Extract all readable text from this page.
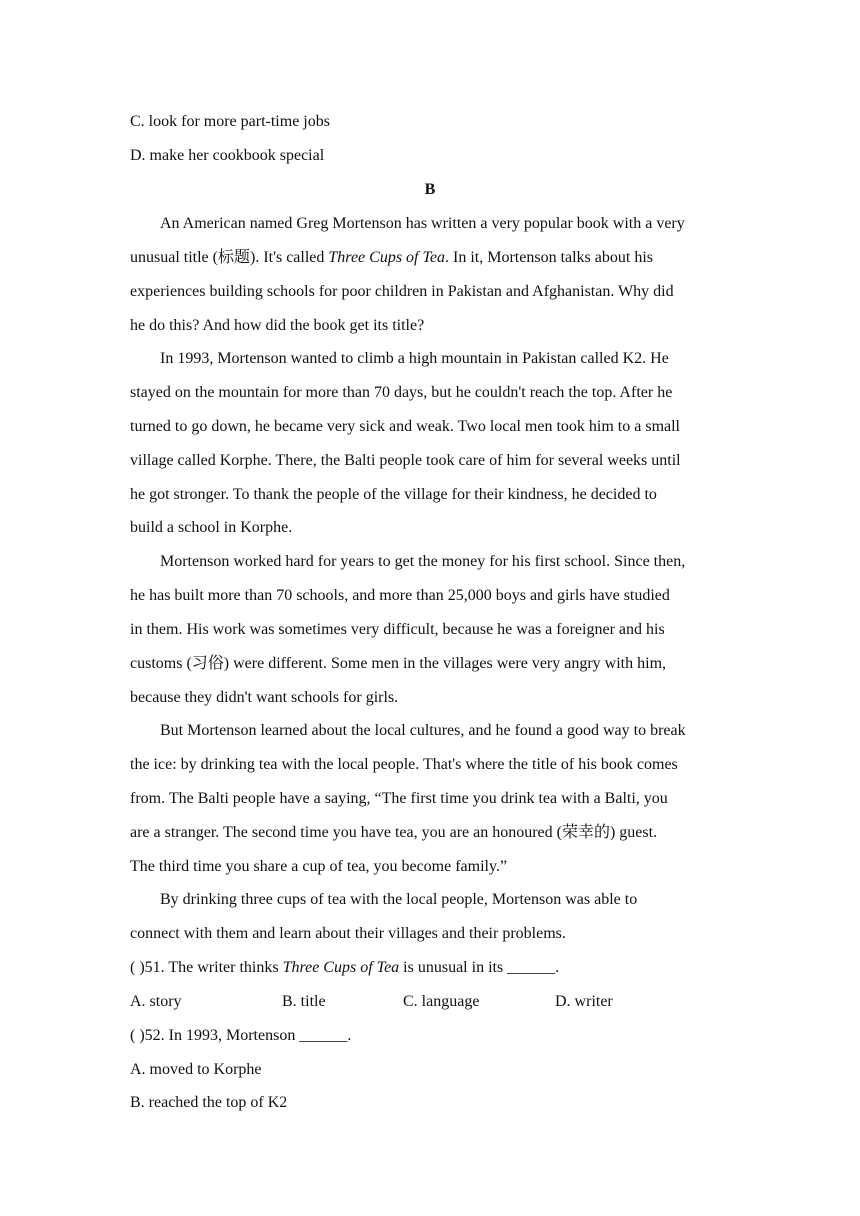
C. look for more part-time jobs
D. make her cookbook special
B
An American named Greg Mortenson has written a very popular book with a very
unusual title (标题). It's called Three Cups of Tea. In it, Mortenson talks about his
experiences building schools for poor children in Pakistan and Afghanistan. Why did
he do this? And how did the book get its title?
In 1993, Mortenson wanted to climb a high mountain in Pakistan called K2. He
stayed on the mountain for more than 70 days, but he couldn't reach the top. After he
turned to go down, he became very sick and weak. Two local men took him to a small
village called Korphe. There, the Balti people took care of him for several weeks until
he got stronger. To thank the people of the village for their kindness, he decided to
build a school in Korphe.
Mortenson worked hard for years to get the money for his first school. Since then,
he has built more than 70 schools, and more than 25,000 boys and girls have studied
in them. His work was sometimes very difficult, because he was a foreigner and his
customs (习俗) were different. Some men in the villages were very angry with him,
because they didn't want schools for girls.
But Mortenson learned about the local cultures, and he found a good way to break
the ice: by drinking tea with the local people. That's where the title of his book comes
from. The Balti people have a saying, “The first time you drink tea with a Balti, you
are a stranger. The second time you have tea, you are an honoured (荣幸的) guest.
The third time you share a cup of tea, you become family.”
By drinking three cups of tea with the local people, Mortenson was able to
connect with them and learn about their villages and their problems.
( )51. The writer thinks Three Cups of Tea is unusual in its ______.
A. story	B. title	C. language	D. writer
( )52. In 1993, Mortenson ______.
A. moved to Korphe
B. reached the top of K2
